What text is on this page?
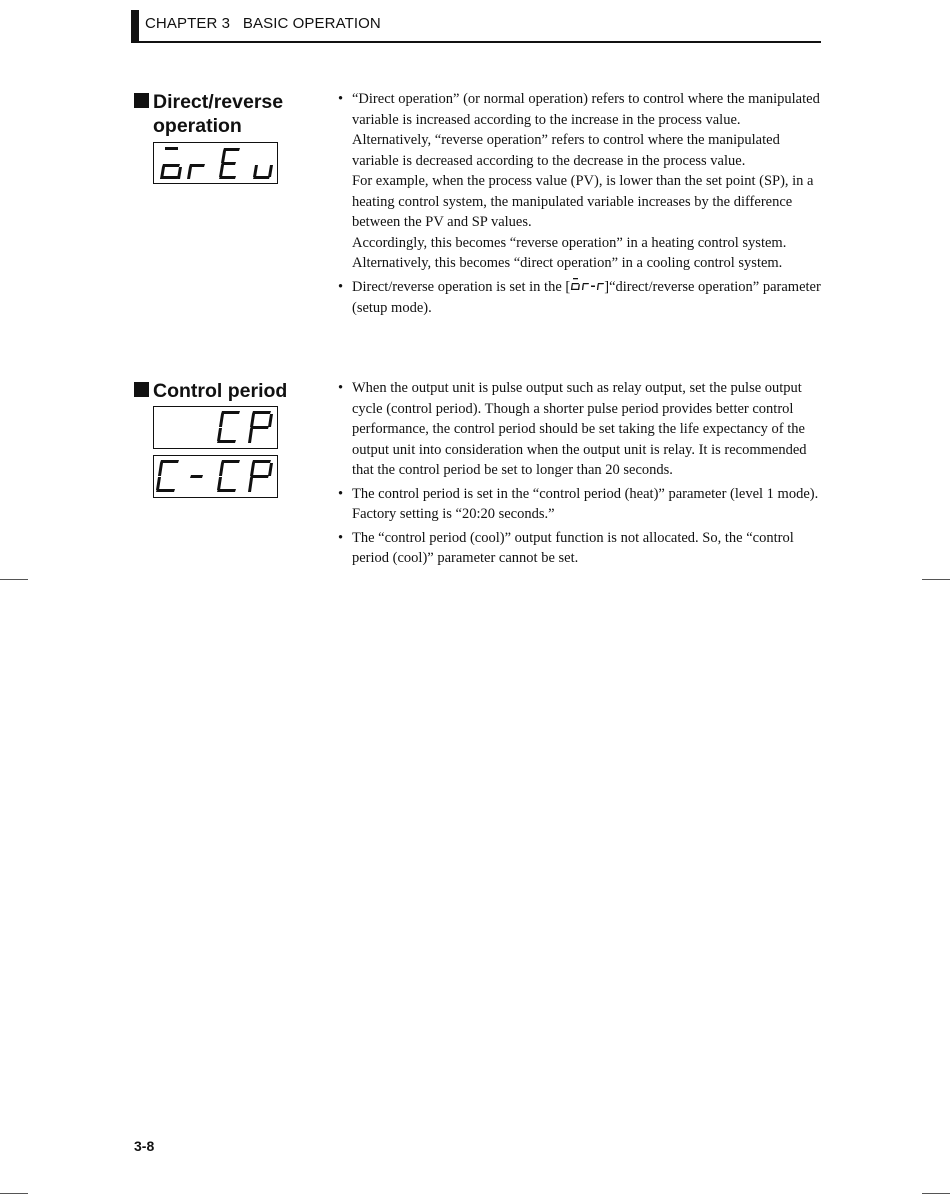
CHAPTER 3   BASIC OPERATION
Direct/reverse
operation
• “Direct operation” (or normal operation) refers to control where the manipulated variable is increased according to the increase in the process value. Alternatively, “reverse operation” refers to control where the manipulated variable is decreased according to the decrease in the process value.
For example, when the process value (PV), is lower than the set point (SP), in a heating control system, the manipulated variable increases by the difference between the PV and SP values.
Accordingly, this becomes “reverse operation” in a heating control system. Alternatively, this becomes “direct operation” in a cooling control system.
• Direct/reverse operation is set in the [ ]“direct/reverse operation” parameter (setup mode).
Control period	• When the output unit is pulse output such as relay output, set the pulse output cycle (control period). Though a shorter pulse period provides better control performance, the control period should be set taking the life expectancy of the output unit into consideration when the output unit is relay. It is recommended that the control period be set to longer than 20 seconds.
• The control period is set in the “control period (heat)” parameter (level 1 mode). Factory setting is “20:20 seconds.”
• The “control period (cool)” output function is not allocated. So, the “control period (cool)” parameter cannot be set.
3-8
